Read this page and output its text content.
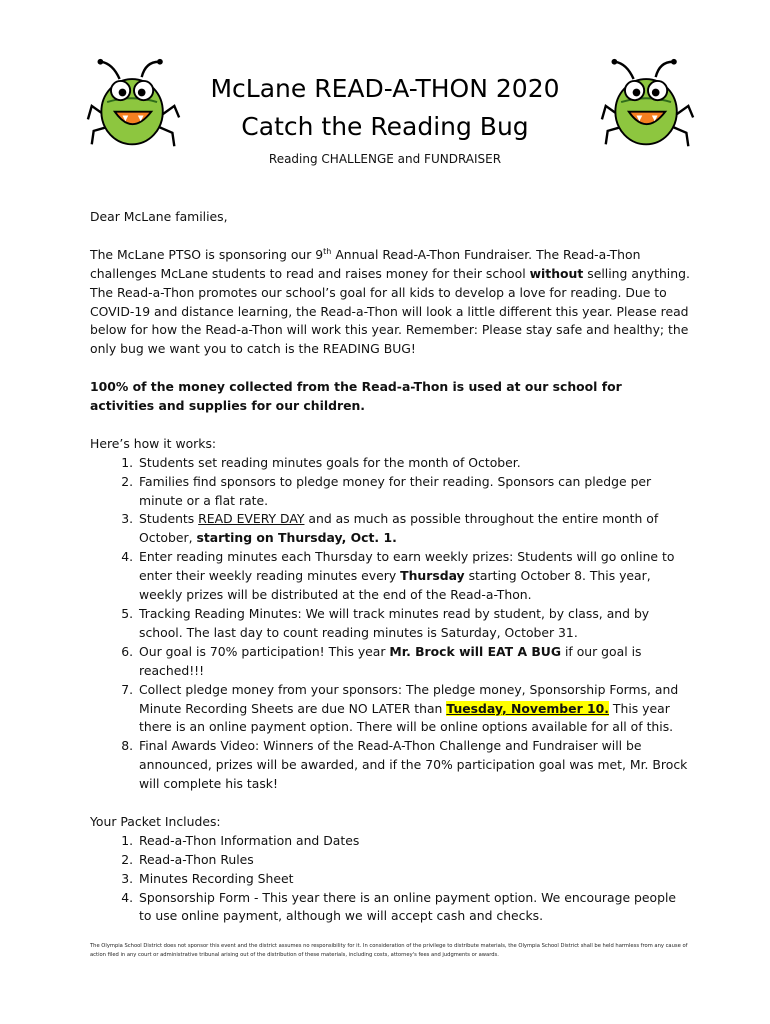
McLane READ-A-THON 2020
Catch the Reading Bug
Reading CHALLENGE and FUNDRAISER

Dear McLane families,

The McLane PTSO is sponsoring our 9th Annual Read-A-Thon Fundraiser. The Read-a-Thon challenges McLane students to read and raises money for their school without selling anything. The Read-a-Thon promotes our school’s goal for all kids to develop a love for reading. Due to COVID-19 and distance learning, the Read-a-Thon will look a little different this year. Please read below for how the Read-a-Thon will work this year. Remember: Please stay safe and healthy; the only bug we want you to catch is the READING BUG!

100% of the money collected from the Read-a-Thon is used at our school for activities and supplies for our children.

Here’s how it works:

1. Students set reading minutes goals for the month of October.
2. Families find sponsors to pledge money for their reading. Sponsors can pledge per minute or a flat rate.
3. Students READ EVERY DAY and as much as possible throughout the entire month of October, starting on Thursday, Oct. 1.
4. Enter reading minutes each Thursday to earn weekly prizes: Students will go online to enter their weekly reading minutes every Thursday starting October 8. This year, weekly prizes will be distributed at the end of the Read-a-Thon.
5. Tracking Reading Minutes: We will track minutes read by student, by class, and by school. The last day to count reading minutes is Saturday, October 31.
6. Our goal is 70% participation! This year Mr. Brock will EAT A BUG if our goal is reached!!!
7. Collect pledge money from your sponsors: The pledge money, Sponsorship Forms, and Minute Recording Sheets are due NO LATER than Tuesday, November 10. This year there is an online payment option. There will be online options available for all of this.
8. Final Awards Video: Winners of the Read-A-Thon Challenge and Fundraiser will be announced, prizes will be awarded, and if the 70% participation goal was met, Mr. Brock will complete his task!

Your Packet Includes:

1. Read-a-Thon Information and Dates
2. Read-a-Thon Rules
3. Minutes Recording Sheet
4. Sponsorship Form - This year there is an online payment option. We encourage people to use online payment, although we will accept cash and checks.
The Olympia School District does not sponsor this event and the district assumes no responsibility for it. In consideration of the privilege to distribute materials, the Olympia School District shall be held harmless from any cause of action filed in any court or administrative tribunal arising out of the distribution of these materials, including costs, attorney's fees and judgments or awards.
